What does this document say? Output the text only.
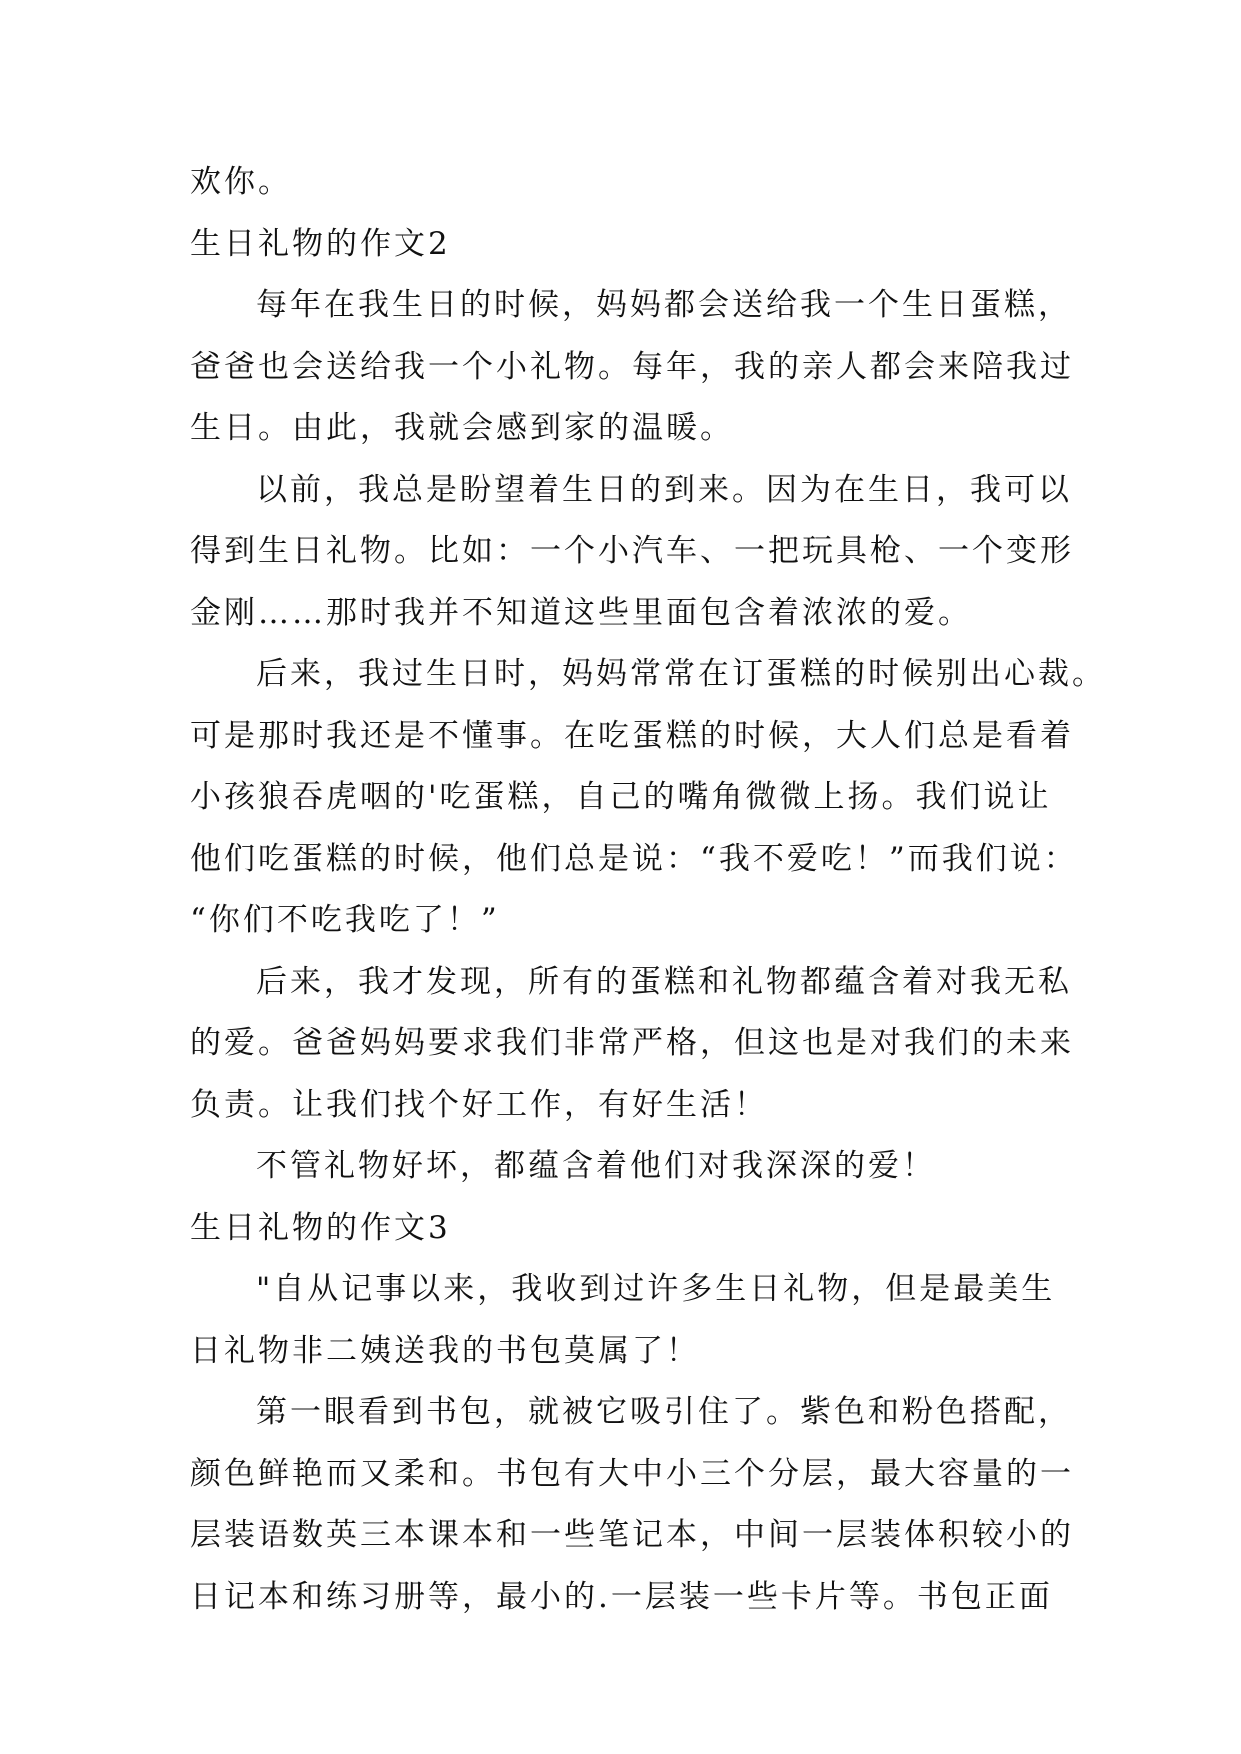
欢你。
生日礼物的作文2
每年在我生日的时候，妈妈都会送给我一个生日蛋糕，
爸爸也会送给我一个小礼物。每年，我的亲人都会来陪我过
生日。由此，我就会感到家的温暖。
以前，我总是盼望着生日的到来。因为在生日，我可以
得到生日礼物。比如：一个小汽车、一把玩具枪、一个变形
金刚……那时我并不知道这些里面包含着浓浓的爱。
后来，我过生日时，妈妈常常在订蛋糕的时候别出心裁。
可是那时我还是不懂事。在吃蛋糕的时候，大人们总是看着
小孩狼吞虎咽的'吃蛋糕，自己的嘴角微微上扬。我们说让
他们吃蛋糕的时候，他们总是说：“我不爱吃！”而我们说：
“你们不吃我吃了！”
后来，我才发现，所有的蛋糕和礼物都蕴含着对我无私
的爱。爸爸妈妈要求我们非常严格，但这也是对我们的未来
负责。让我们找个好工作，有好生活！
不管礼物好坏，都蕴含着他们对我深深的爱！
生日礼物的作文3
"自从记事以来，我收到过许多生日礼物，但是最美生
日礼物非二姨送我的书包莫属了！
第一眼看到书包，就被它吸引住了。紫色和粉色搭配，
颜色鲜艳而又柔和。书包有大中小三个分层，最大容量的一
层装语数英三本课本和一些笔记本，中间一层装体积较小的
日记本和练习册等，最小的.一层装一些卡片等。书包正面
